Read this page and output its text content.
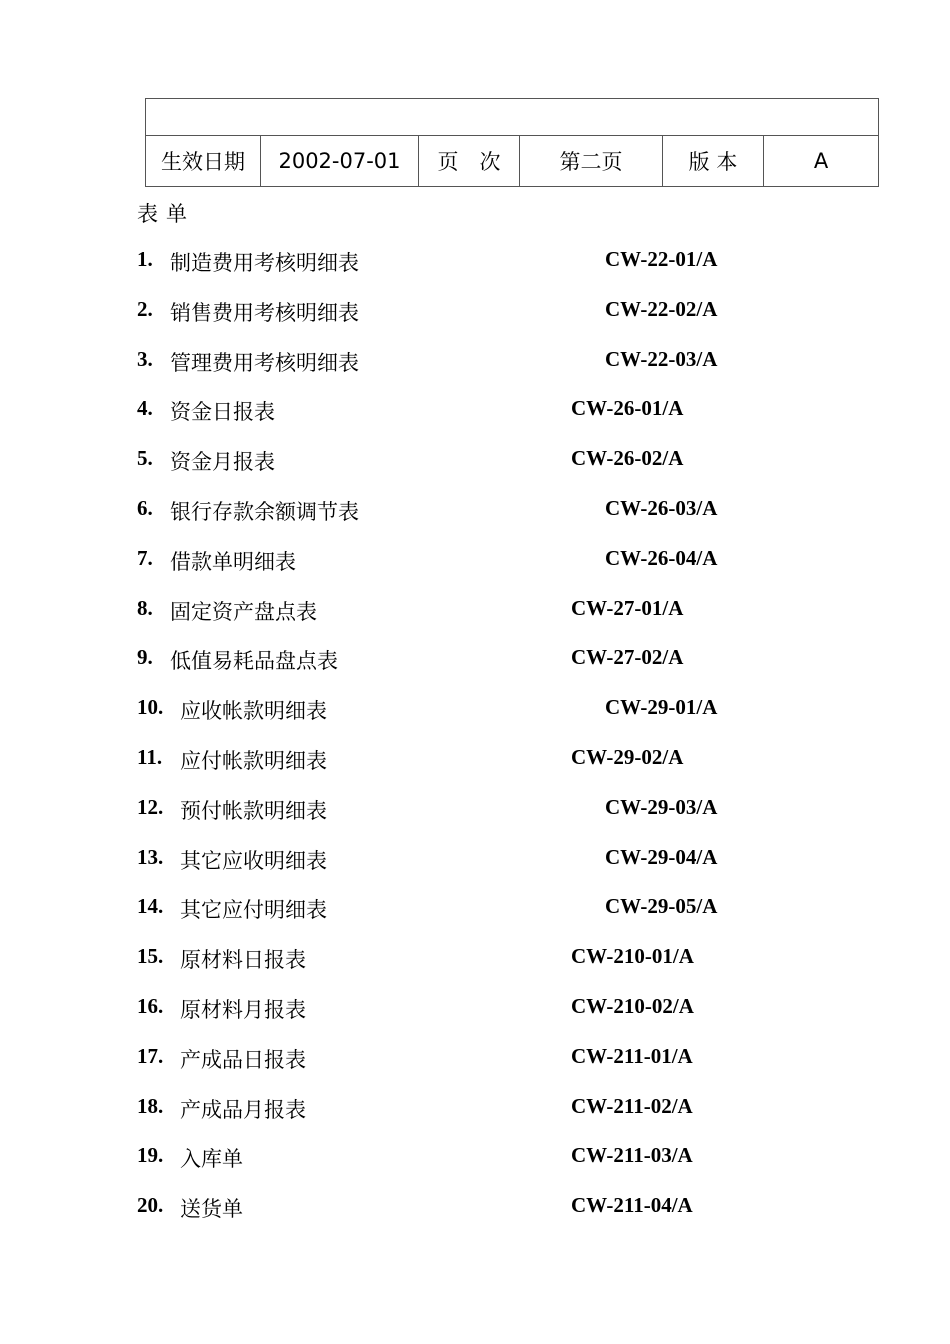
生效日期	2002-07-01	页　次	第二页	版 本	A
表单
1. 制造费用考核明细表	CW-22-01/A
2. 销售费用考核明细表	CW-22-02/A
3. 管理费用考核明细表	CW-22-03/A
4. 资金日报表	CW-26-01/A
5. 资金月报表	CW-26-02/A
6. 银行存款余额调节表	CW-26-03/A
7. 借款单明细表	CW-26-04/A
8. 固定资产盘点表	CW-27-01/A
9. 低值易耗品盘点表	CW-27-02/A
10. 应收帐款明细表	CW-29-01/A
11. 应付帐款明细表	CW-29-02/A
12. 预付帐款明细表	CW-29-03/A
13. 其它应收明细表	CW-29-04/A
14. 其它应付明细表	CW-29-05/A
15. 原材料日报表	CW-210-01/A
16. 原材料月报表	CW-210-02/A
17. 产成品日报表	CW-211-01/A
18. 产成品月报表	CW-211-02/A
19. 入库单	CW-211-03/A
20. 送货单	CW-211-04/A
